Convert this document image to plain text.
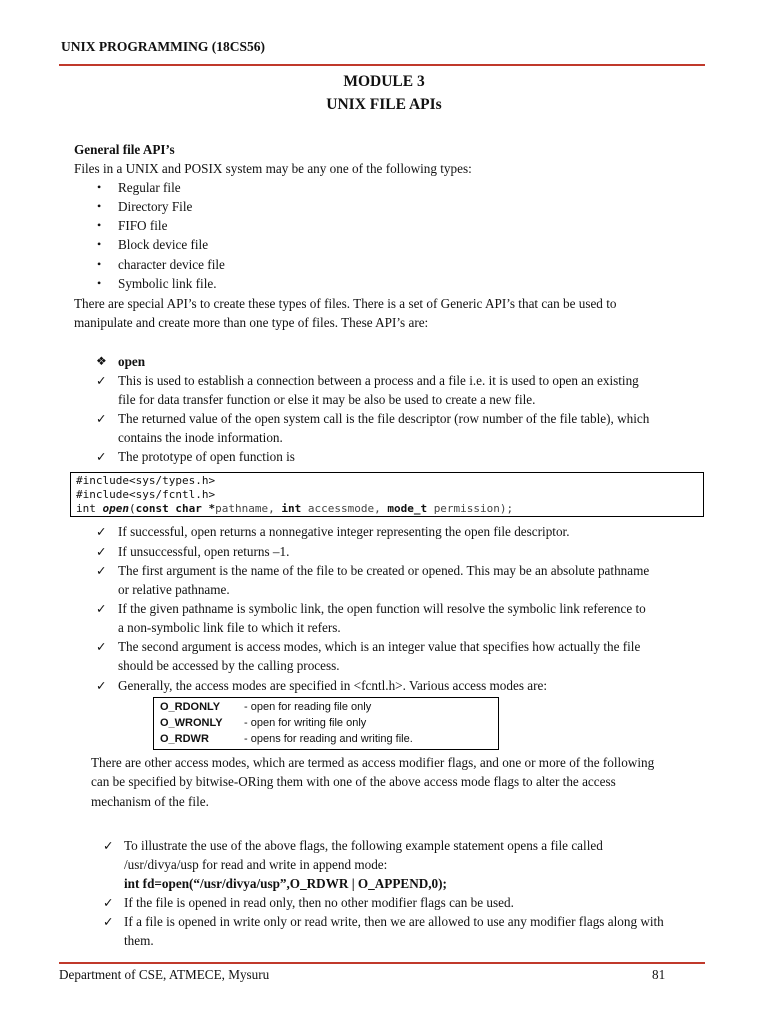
UNIX PROGRAMMING (18CS56)
MODULE 3
UNIX FILE APIs
General file API’s
Files in a UNIX and POSIX system may be any one of the following types:
• Regular file
• Directory File
• FIFO file
• Block device file
• character device file
• Symbolic link file.
There are special API’s to create these types of files. There is a set of Generic API’s that can be used to
manipulate and create more than one type of files. These API’s are:
❖ open
✓ This is used to establish a connection between a process and a file i.e. it is used to open an existing
file for data transfer function or else it may be also be used to create a new file.
✓ The returned value of the open system call is the file descriptor (row number of the file table), which
contains the inode information.
✓ The prototype of open function is
#include<sys/types.h>
#include<sys/fcntl.h>
int open(const char *pathname, int accessmode, mode_t permission);
✓ If successful, open returns a nonnegative integer representing the open file descriptor.
✓ If unsuccessful, open returns –1.
✓ The first argument is the name of the file to be created or opened. This may be an absolute pathname
or relative pathname.
✓ If the given pathname is symbolic link, the open function will resolve the symbolic link reference to
a non-symbolic link file to which it refers.
✓ The second argument is access modes, which is an integer value that specifies how actually the file
should be accessed by the calling process.
✓ Generally, the access modes are specified in <fcntl.h>. Various access modes are:
O_RDONLY - open for reading file only
O_WRONLY - open for writing file only
O_RDWR	- opens for reading and writing file.
There are other access modes, which are termed as access modifier flags, and one or more of the following
can be specified by bitwise-ORing them with one of the above access mode flags to alter the access
mechanism of the file.
✓ To illustrate the use of the above flags, the following example statement opens a file called
/usr/divya/usp for read and write in append mode:
int fd=open(“/usr/divya/usp”,O_RDWR | O_APPEND,0);
✓ If the file is opened in read only, then no other modifier flags can be used.
✓ If a file is opened in write only or read write, then we are allowed to use any modifier flags along with
them.
Department of CSE, ATMECE, Mysuru	81
